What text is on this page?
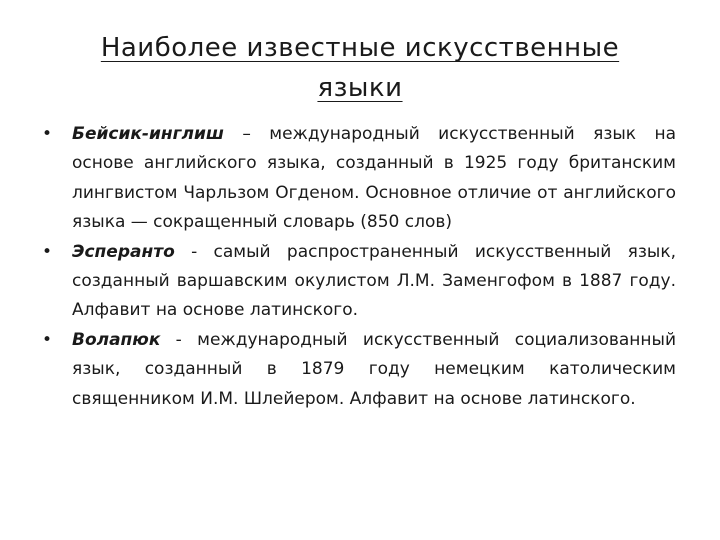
Наиболее известные искусственные языки
• Бейсик-инглиш – международный искусственный язык на основе английского языка, созданный в 1925 году британским лингвистом Чарльзом Огденом. Основное отличие от английского языка — сокращенный словарь (850 слов)
• Эсперанто - самый распространенный искусственный язык, созданный варшавским окулистом Л.М. Заменгофом в 1887 году. Алфавит на основе латинского.
• Волапюк - международный искусственный социализованный язык, созданный в 1879 году немецким католическим священником И.М. Шлейером. Алфавит на основе латинского.
